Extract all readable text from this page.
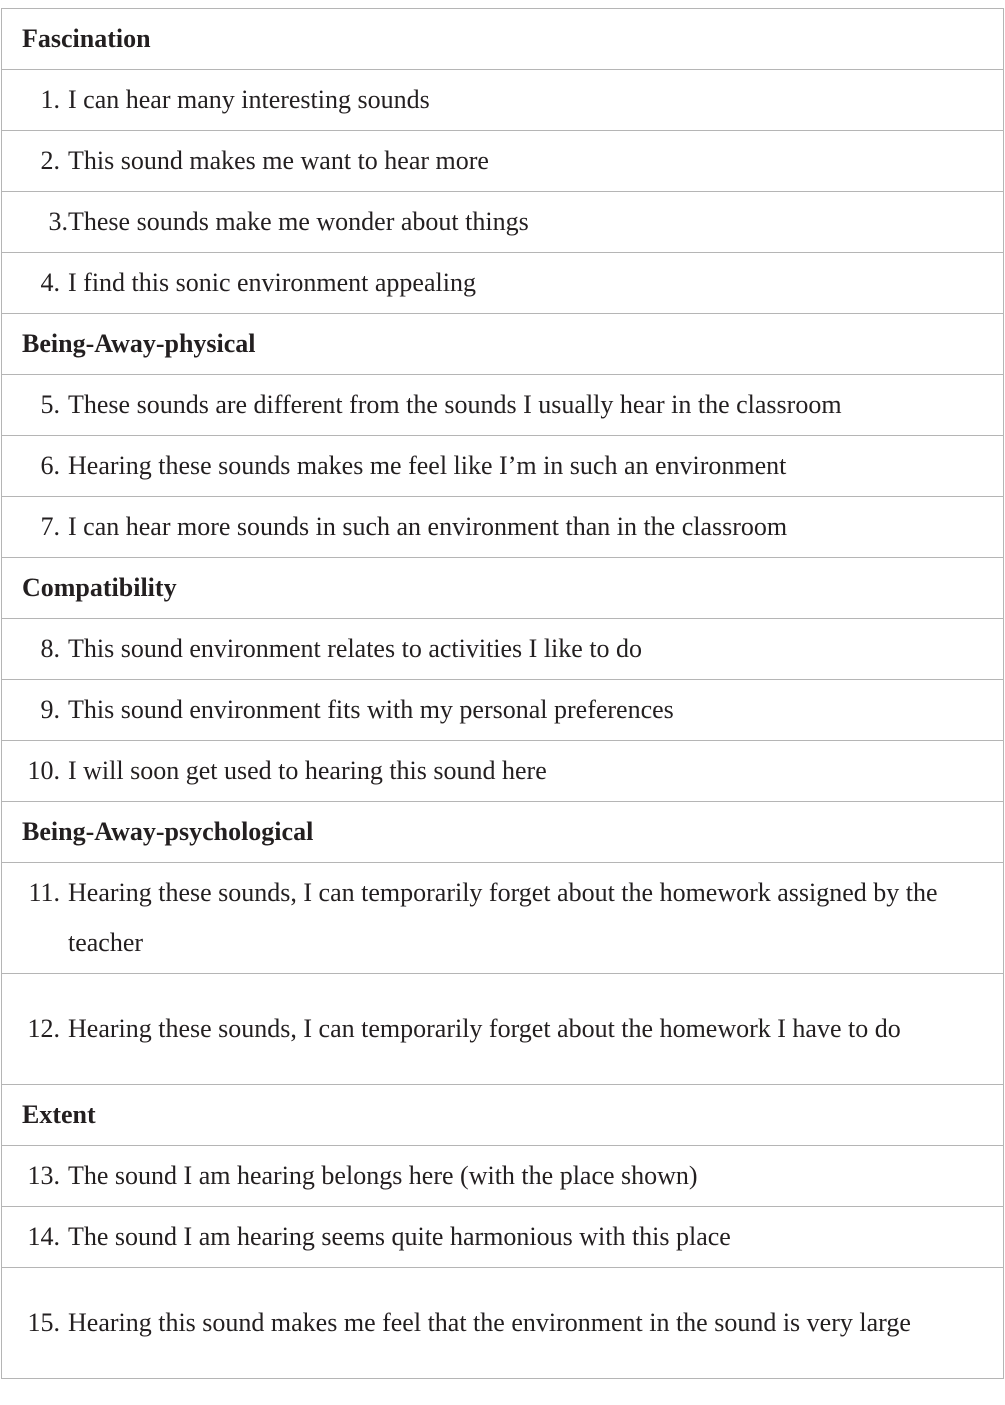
Fascination

1. I can hear many interesting sounds

2. This sound makes me want to hear more

3. These sounds make me wonder about things

4. I find this sonic environment appealing

Being-Away-physical

5. These sounds are different from the sounds I usually hear in the classroom

6. Hearing these sounds makes me feel like I’m in such an environment

7. I can hear more sounds in such an environment than in the classroom

Compatibility

8. This sound environment relates to activities I like to do

9. This sound environment fits with my personal preferences

10. I will soon get used to hearing this sound here

Being-Away-psychological

11. Hearing these sounds, I can temporarily forget about the homework assigned by the teacher

12. Hearing these sounds, I can temporarily forget about the homework I have to do

Extent

13. The sound I am hearing belongs here (with the place shown)

14. The sound I am hearing seems quite harmonious with this place

15. Hearing this sound makes me feel that the environment in the sound is very large
